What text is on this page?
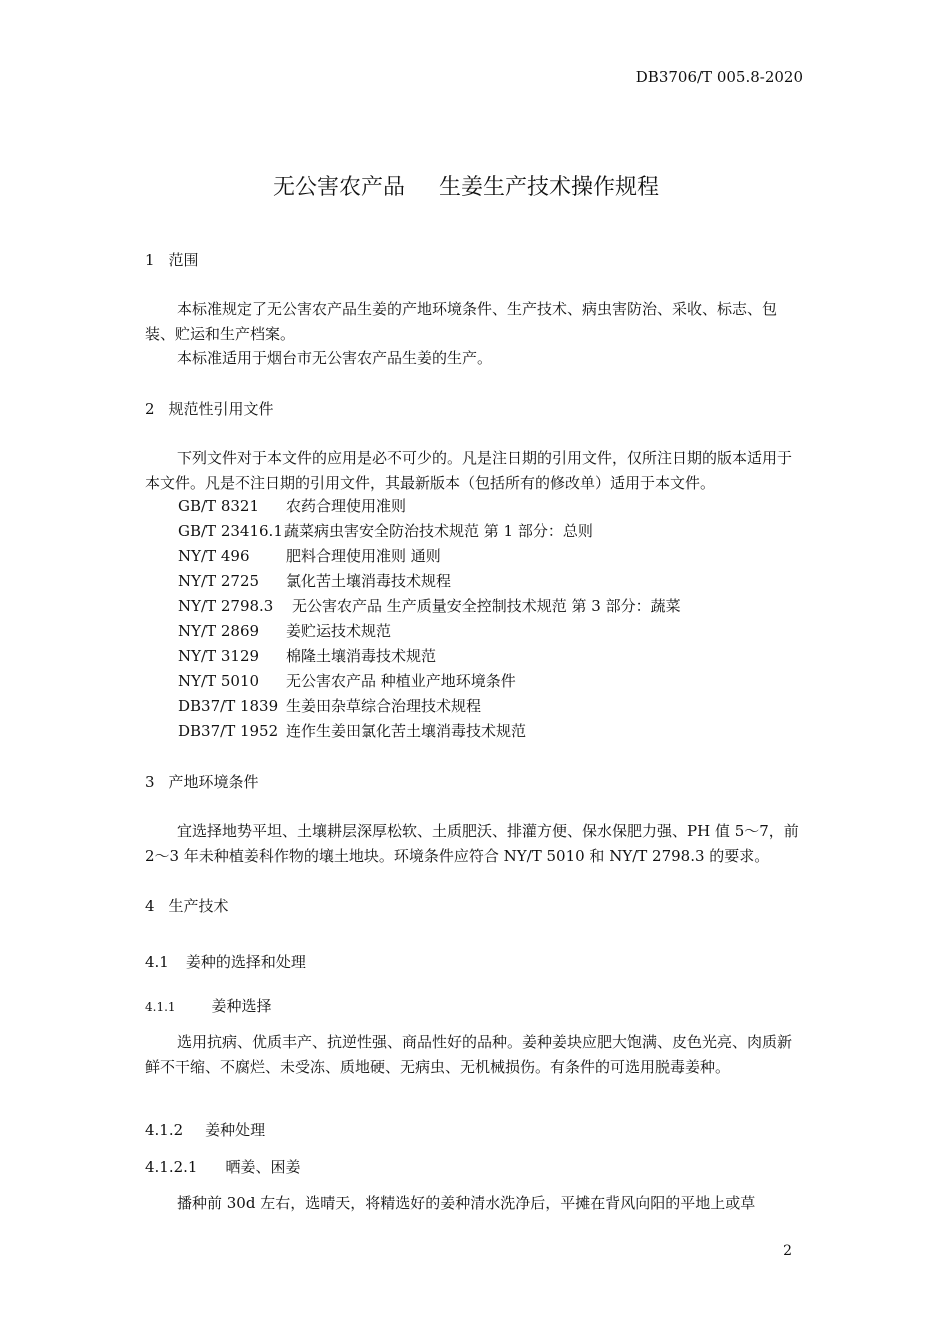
DB3706/T 005.8-2020
无公害农产品 生姜生产技术操作规程
1 范围
本标准规定了无公害农产品生姜的产地环境条件、生产技术、病虫害防治、采收、标志、包装、贮运和生产档案。
本标准适用于烟台市无公害农产品生姜的生产。
2 规范性引用文件
下列文件对于本文件的应用是必不可少的。凡是注日期的引用文件，仅所注日期的版本适用于本文件。凡是不注日期的引用文件，其最新版本（包括所有的修改单）适用于本文件。
GB/T 8321 农药合理使用准则
GB/T 23416.1蔬菜病虫害安全防治技术规范 第 1 部分：总则
NY/T 496 肥料合理使用准则 通则
NY/T 2725 氯化苦土壤消毒技术规程
NY/T 2798.3 无公害农产品 生产质量安全控制技术规范 第 3 部分：蔬菜
NY/T 2869 姜贮运技术规范
NY/T 3129 棉隆土壤消毒技术规范
NY/T 5010 无公害农产品 种植业产地环境条件
DB37/T 1839 生姜田杂草综合治理技术规程
DB37/T 1952 连作生姜田氯化苦土壤消毒技术规范
3 产地环境条件
宜选择地势平坦、土壤耕层深厚松软、土质肥沃、排灌方便、保水保肥力强、PH 值 5～7，前 2～3 年未种植姜科作物的壤土地块。环境条件应符合 NY/T 5010 和 NY/T 2798.3 的要求。
4 生产技术
4.1 姜种的选择和处理
4.1.1 姜种选择
选用抗病、优质丰产、抗逆性强、商品性好的品种。姜种姜块应肥大饱满、皮色光亮、肉质新鲜不干缩、不腐烂、未受冻、质地硬、无病虫、无机械损伤。有条件的可选用脱毒姜种。
4.1.2 姜种处理
4.1.2.1 晒姜、困姜
播种前 30d 左右，选晴天，将精选好的姜种清水洗净后，平摊在背风向阳的平地上或草
2
